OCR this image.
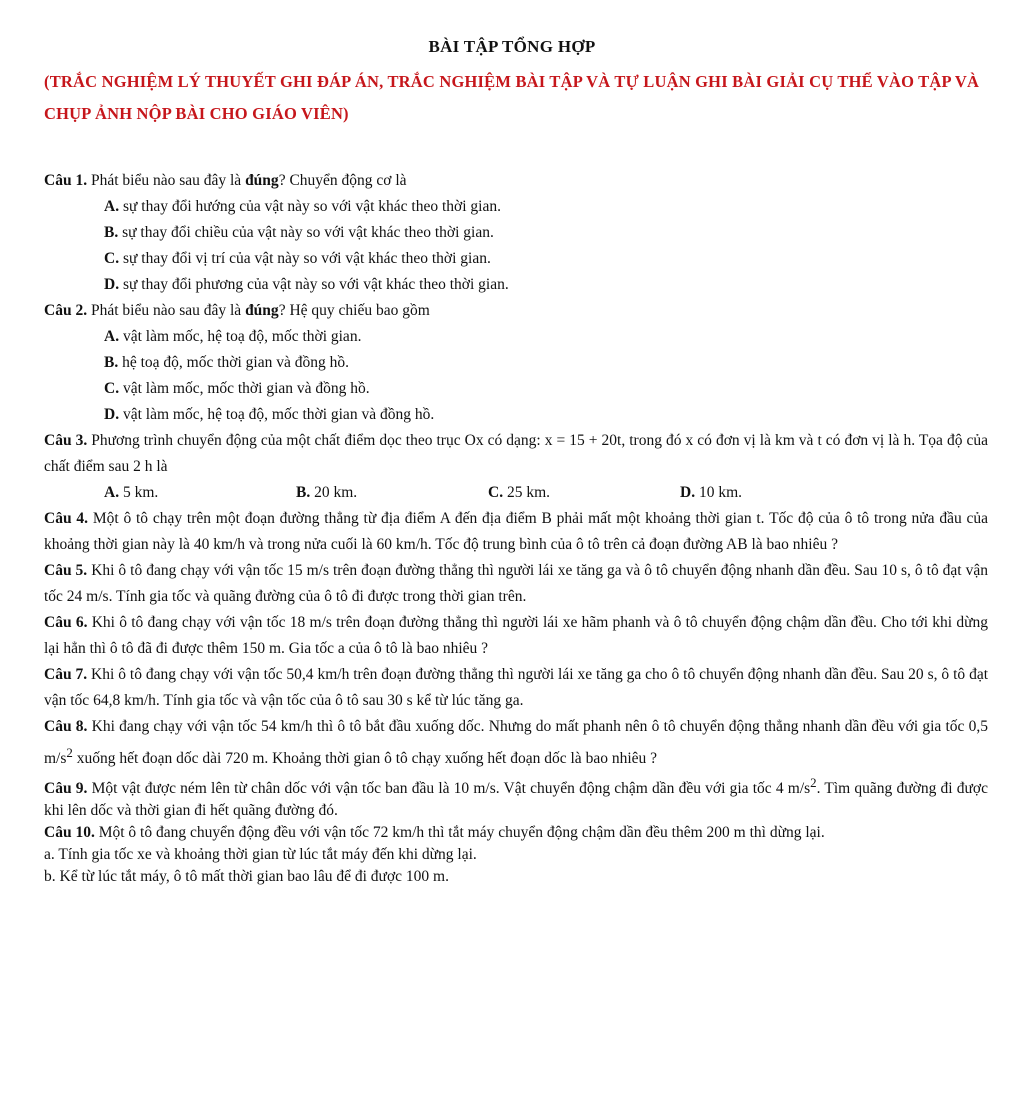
BÀI TẬP TỔNG HỢP
(TRẮC NGHIỆM LÝ THUYẾT GHI ĐÁP ÁN, TRẮC NGHIỆM BÀI TẬP VÀ TỰ LUẬN GHI BÀI GIẢI CỤ THỂ VÀO TẬP VÀ CHỤP ẢNH NỘP BÀI CHO GIÁO VIÊN)

Câu 1. Phát biểu nào sau đây là đúng? Chuyển động cơ là

A. sự thay đổi hướng của vật này so với vật khác theo thời gian.

B. sự thay đổi chiều của vật này so với vật khác theo thời gian.

C. sự thay đổi vị trí của vật này so với vật khác theo thời gian.

D. sự thay đổi phương của vật này so với vật khác theo thời gian.

Câu 2. Phát biểu nào sau đây là đúng? Hệ quy chiếu bao gồm

A. vật làm mốc, hệ toạ độ, mốc thời gian.

B. hệ toạ độ, mốc thời gian và đồng hồ.

C. vật làm mốc, mốc thời gian và đồng hồ.

D. vật làm mốc, hệ toạ độ, mốc thời gian và đồng hồ.

Câu 3. Phương trình chuyển động của một chất điểm dọc theo trục Ox có dạng: x = 15 + 20t, trong đó x có đơn vị là km và t có đơn vị là h. Tọa độ của chất điểm sau 2 h là

A. 5 km.	B. 20 km.	C. 25 km.	D. 10 km.

Câu 4. Một ô tô chạy trên một đoạn đường thẳng từ địa điểm A đến địa điểm B phải mất một khoảng thời gian t. Tốc độ của ô tô trong nửa đầu của khoảng thời gian này là 40 km/h và trong nửa cuối là 60 km/h. Tốc độ trung bình của ô tô trên cả đoạn đường AB là bao nhiêu ?

Câu 5. Khi ô tô đang chạy với vận tốc 15 m/s trên đoạn đường thẳng thì người lái xe tăng ga và ô tô chuyển động nhanh dần đều. Sau 10 s, ô tô đạt vận tốc 24 m/s. Tính gia tốc và quãng đường của ô tô đi được trong thời gian trên.

Câu 6. Khi ô tô đang chạy với vận tốc 18 m/s trên đoạn đường thẳng thì người lái xe hãm phanh và ô tô chuyển động chậm dần đều. Cho tới khi dừng lại hẳn thì ô tô đã đi được thêm 150 m. Gia tốc a của ô tô là bao nhiêu ?

Câu 7. Khi ô tô đang chạy với vận tốc 50,4 km/h trên đoạn đường thẳng thì người lái xe tăng ga cho ô tô chuyển động nhanh dần đều. Sau 20 s, ô tô đạt vận tốc 64,8 km/h. Tính gia tốc và vận tốc của ô tô sau 30 s kể từ lúc tăng ga.

Câu 8. Khi đang chạy với vận tốc 54 km/h thì ô tô bắt đầu xuống dốc. Nhưng do mất phanh nên ô tô chuyển động thẳng nhanh dần đều với gia tốc 0,5 $m/s^2$ xuống hết đoạn dốc dài 720 m. Khoảng thời gian ô tô chạy xuống hết đoạn dốc là bao nhiêu ?

Câu 9. Một vật được ném lên từ chân dốc với vận tốc ban đầu là 10 m/s. Vật chuyển động chậm dần đều với gia tốc 4 $m/s^2$. Tìm quãng đường đi được khi lên dốc và thời gian đi hết quãng đường đó.

Câu 10. Một ô tô đang chuyển động đều với vận tốc 72 km/h thì tắt máy chuyển động chậm dần đều thêm 200 m thì dừng lại.

a. Tính gia tốc xe và khoảng thời gian từ lúc tắt máy đến khi dừng lại.

b. Kể từ lúc tắt máy, ô tô mất thời gian bao lâu để đi được 100 m.
